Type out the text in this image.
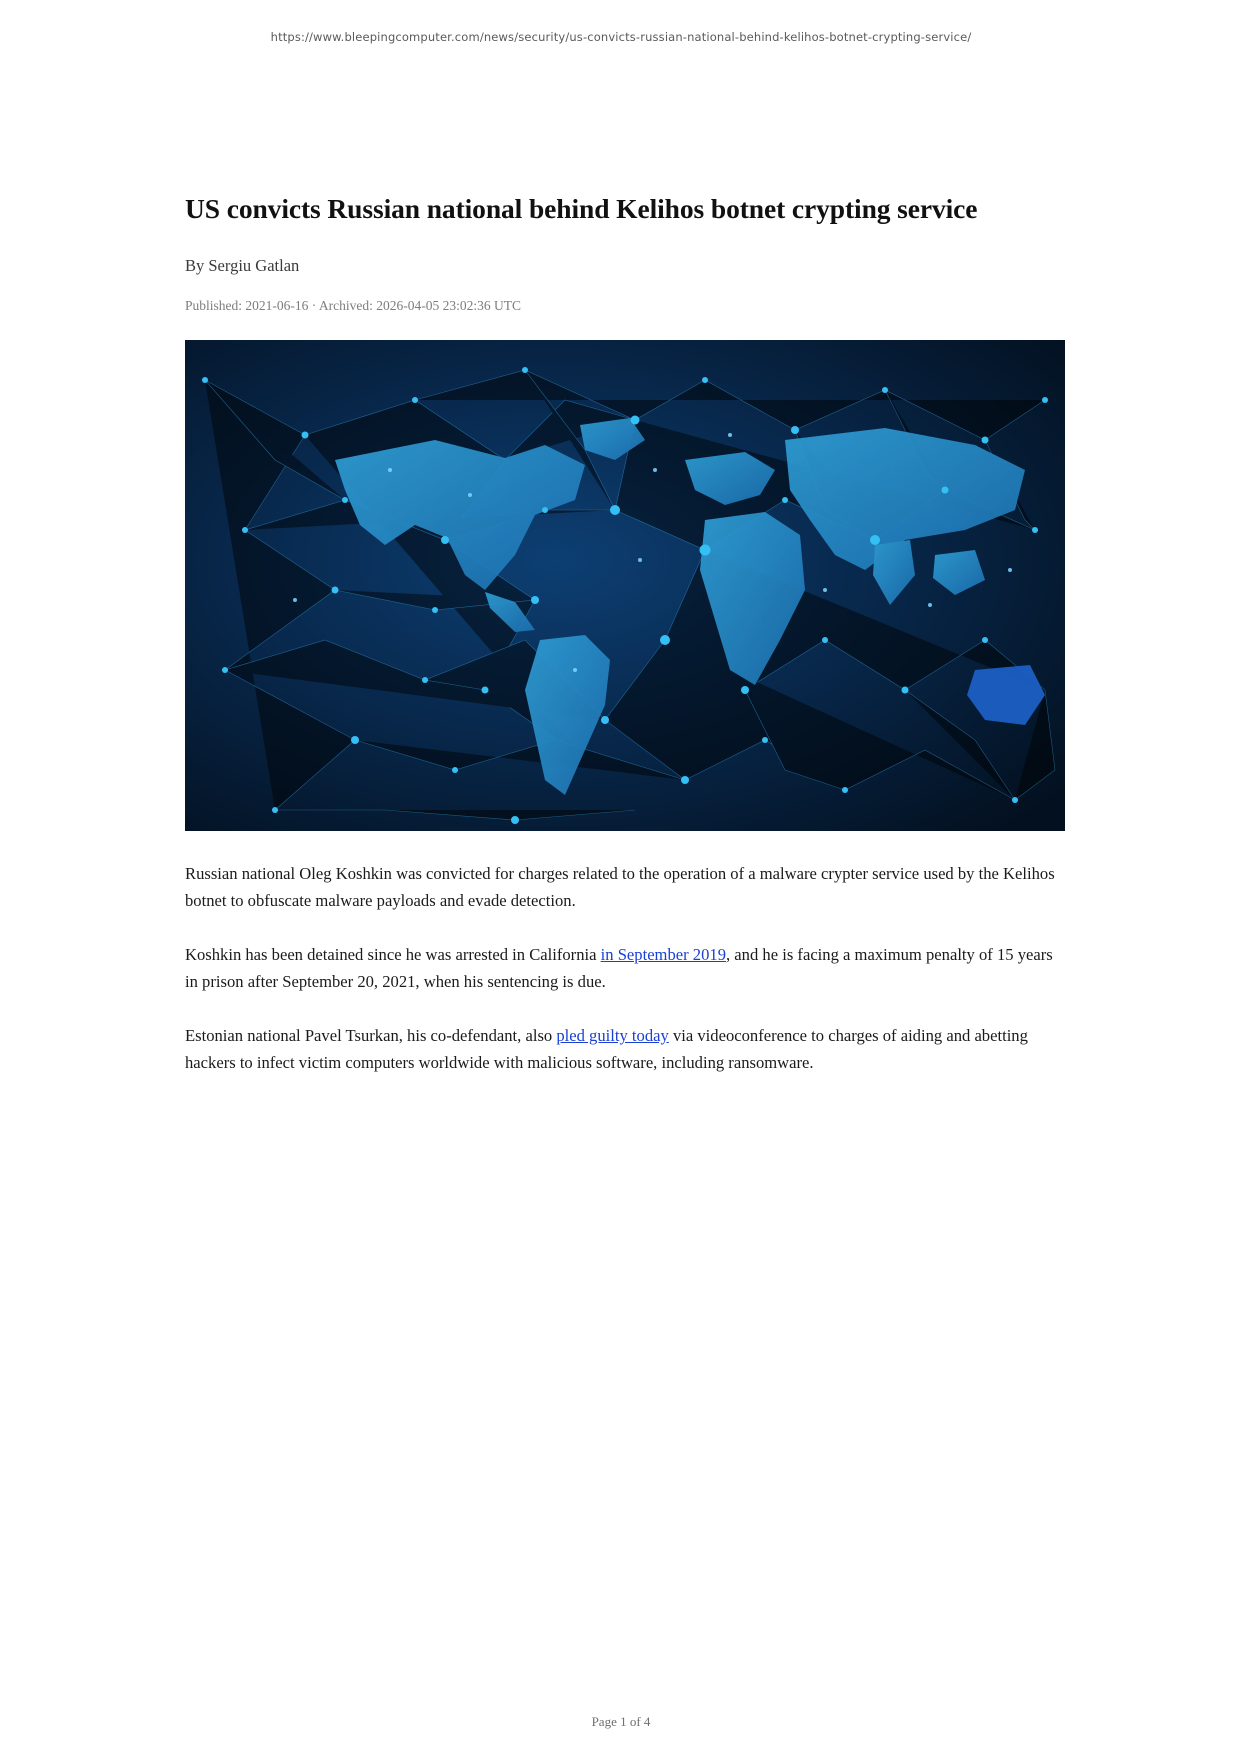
https://www.bleepingcomputer.com/news/security/us-convicts-russian-national-behind-kelihos-botnet-crypting-service/
US convicts Russian national behind Kelihos botnet crypting service
By Sergiu Gatlan
Published: 2021-06-16 · Archived: 2026-04-05 23:02:36 UTC

Russian national Oleg Koshkin was convicted for charges related to the operation of a malware crypter service used by the Kelihos botnet to obfuscate malware payloads and evade detection.

Koshkin has been detained since he was arrested in California in September 2019, and he is facing a maximum penalty of 15 years in prison after September 20, 2021, when his sentencing is due.

Estonian national Pavel Tsurkan, his co-defendant, also pled guilty today via videoconference to charges of aiding and abetting hackers to infect victim computers worldwide with malicious software, including ransomware.

Page 1 of 4
